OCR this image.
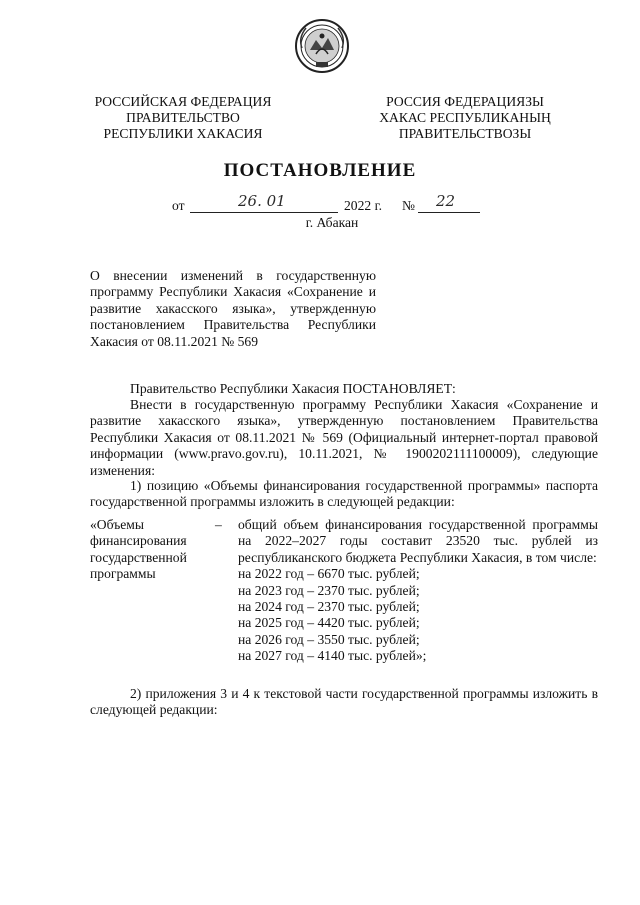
РОССИЙСКАЯ ФЕДЕРАЦИЯ
ПРАВИТЕЛЬСТВО
РЕСПУБЛИКИ ХАКАСИЯ
РОССИЯ ФЕДЕРАЦИЯЗЫ
ХАКАС РЕСПУБЛИКАНЫҢ
ПРАВИТЕЛЬСТВОЗЫ
ПОСТАНОВЛЕНИЕ
от	26. 01	2022 г. № 22
г. Абакан
О внесении изменений в государственную программу Республики Хакасия «Сохранение и развитие хакасского языка», утвержденную постановлением Правительства Республики Хакасия от 08.11.2021 № 569
Правительство Республики Хакасия ПОСТАНОВЛЯЕТ:
Внести в государственную программу Республики Хакасия «Сохранение и развитие хакасского языка», утвержденную постановлением Правительства Республики Хакасия от 08.11.2021 № 569 (Официальный интернет-портал правовой информации (www.pravo.gov.ru), 10.11.2021, № 1900202111100009), следующие изменения:
1) позицию «Объемы финансирования государственной программы» паспорта государственной программы изложить в следующей редакции:
«Объемы финансирования государственной программы
– общий объем финансирования государственной программы на 2022–2027 годы составит 23520 тыс. рублей из республиканского бюджета Республики Хакасия, в том числе:
на 2022 год – 6670 тыс. рублей;
на 2023 год – 2370 тыс. рублей;
на 2024 год – 2370 тыс. рублей;
на 2025 год – 4420 тыс. рублей;
на 2026 год – 3550 тыс. рублей;
на 2027 год – 4140 тыс. рублей»;
2) приложения 3 и 4 к текстовой части государственной программы изложить в следующей редакции:
